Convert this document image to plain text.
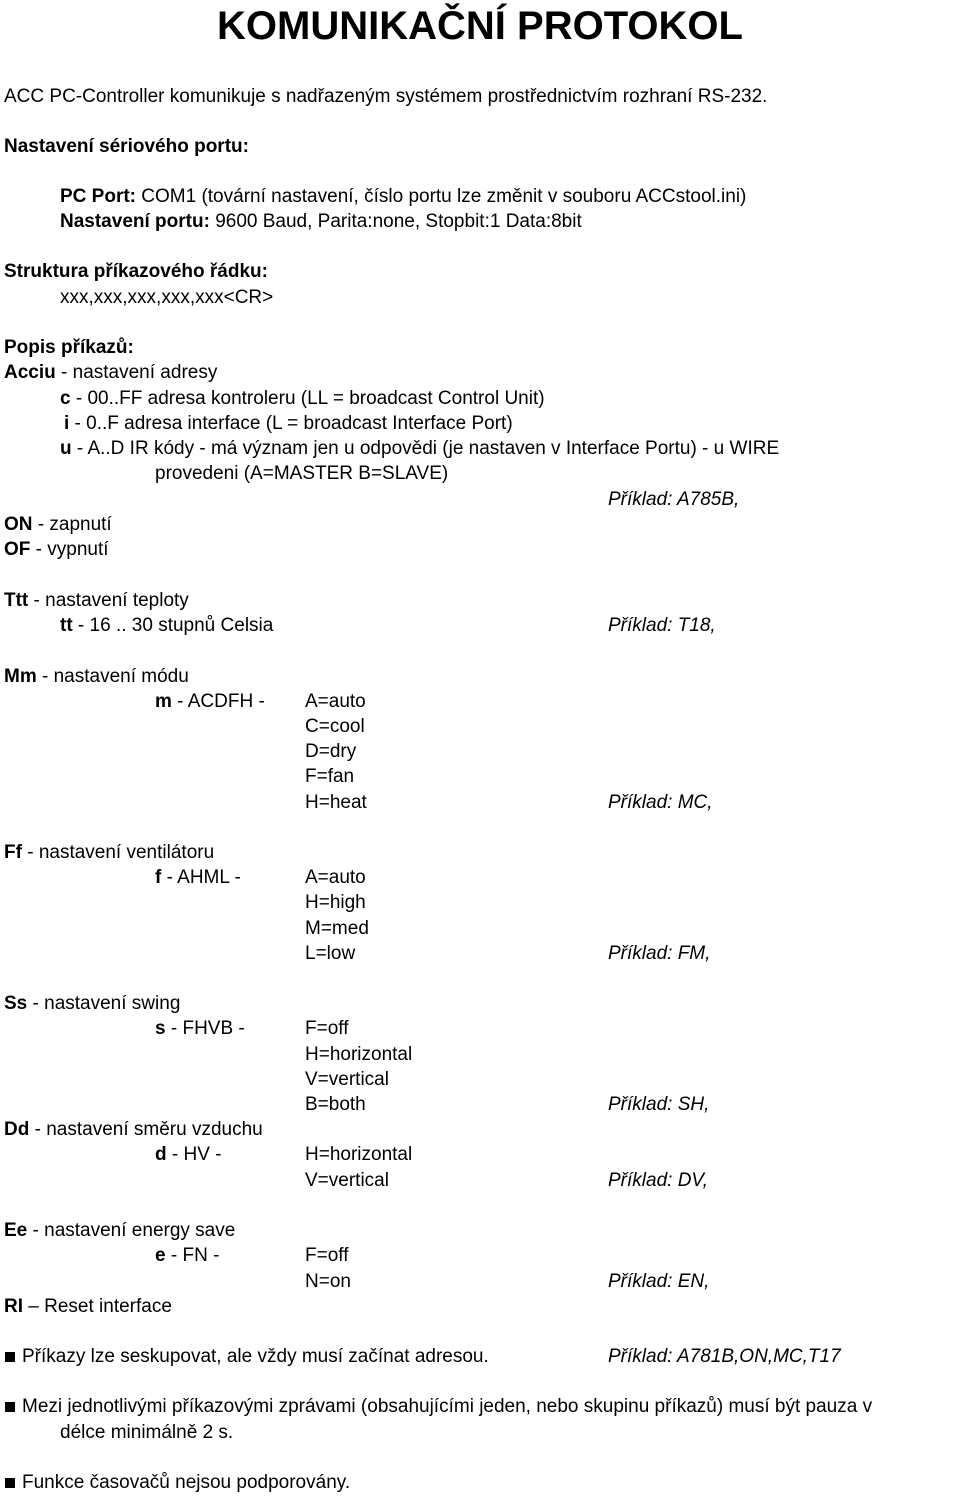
KOMUNIKAČNÍ PROTOKOL
ACC PC-Controller komunikuje s nadřazeným systémem prostřednictvím rozhraní RS-232.
Nastavení sériového portu:
PC Port: COM1 (tovární nastavení, číslo portu lze změnit v souboru ACCstool.ini)
Nastavení portu: 9600 Baud, Parita:none, Stopbit:1 Data:8bit
Struktura příkazového řádku:
xxx,xxx,xxx,xxx,xxx<CR>
Popis příkazů:
Acciu - nastavení adresy
c - 00..FF adresa kontroleru (LL = broadcast Control Unit)
i - 0..F adresa interface (L = broadcast Interface Port)
u - A..D IR kódy - má význam jen u odpovědi (je nastaven v Interface Portu) - u WIRE
provedeni (A=MASTER B=SLAVE)
Příklad: A785B,
ON - zapnutí
OF - vypnutí
Ttt - nastavení teploty
tt - 16 .. 30 stupnů Celsia	Příklad: T18,
Mm - nastavení módu
m - ACDFH - A=auto
C=cool
D=dry
F=fan
H=heat	Příklad: MC,
Ff - nastavení ventilátoru
f - AHML -	A=auto
H=high
M=med
L=low	Příklad: FM,
Ss - nastavení swing
s - FHVB -	F=off
H=horizontal
V=vertical
B=both	Příklad: SH,
Dd - nastavení směru vzduchu
d - HV -	H=horizontal
V=vertical	Příklad: DV,
Ee - nastavení energy save
e - FN -	F=off
N=on	Příklad: EN,
RI – Reset interface
Příkazy lze seskupovat, ale vždy musí začínat adresou.	Příklad: A781B,ON,MC,T17
Mezi jednotlivými příkazovými zprávami (obsahujícími jeden, nebo skupinu příkazů) musí být pauza v
délce minimálně 2 s.
Funkce časovačů nejsou podporovány.
